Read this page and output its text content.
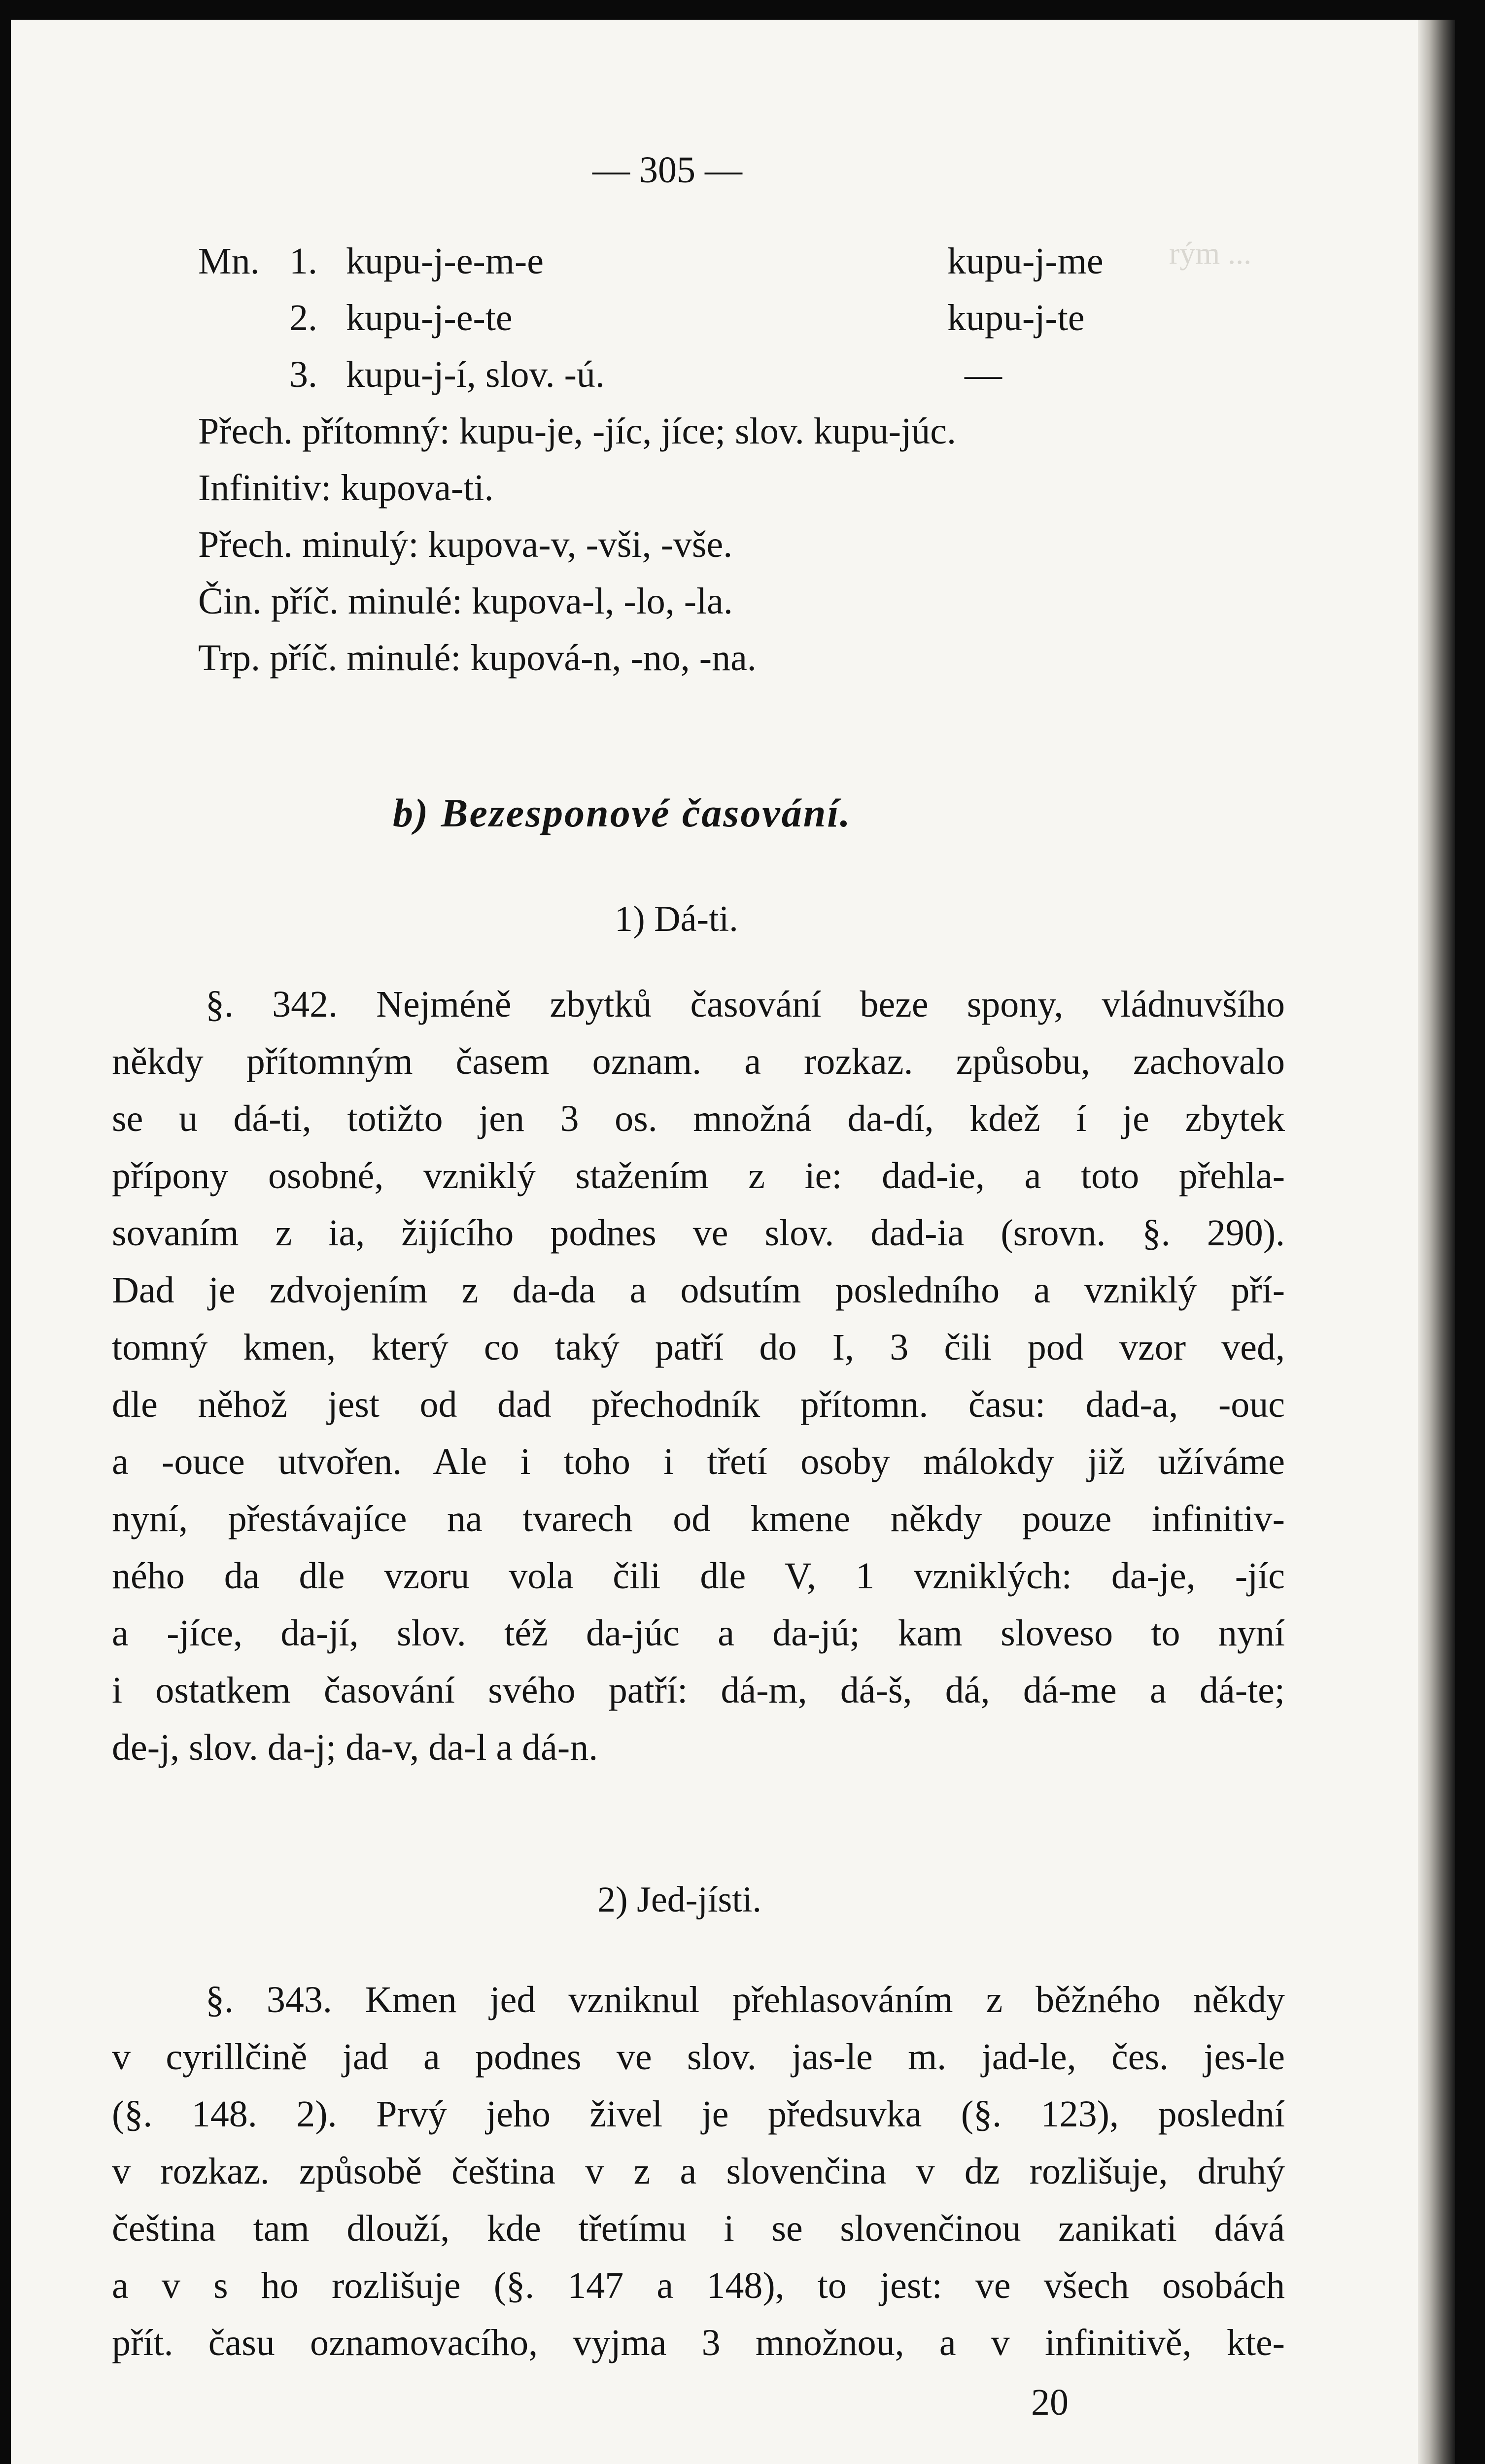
rým ...
— 305 —
Mn. 1. kupu-j-e-m-e	kupu-j-me
2. kupu-j-e-te	kupu-j-te
3. kupu-j-í, slov. -ú.	—
Přech. přítomný: kupu-je, -jíc, jíce; slov. kupu-júc.
Infinitiv: kupova-ti.
Přech. minulý: kupova-v, -vši, -vše.
Čin. příč. minulé: kupova-l, -lo, -la.
Trp. příč. minulé: kupová-n, -no, -na.
b) Bezesponové časování.
1) Dá-ti.
§. 342. Nejméně zbytků časování beze spony, vládnuvšího
někdy přítomným časem oznam. a rozkaz. způsobu, zachovalo
se u dá-ti, totižto jen 3 os. množná da-dí, kdež í je zbytek
přípony osobné, vzniklý stažením z ie: dad-ie, a toto přehla-
sovaním z ia, žijícího podnes ve slov. dad-ia (srovn. §. 290).
Dad je zdvojením z da-da a odsutím posledního a vzniklý pří-
tomný kmen, který co taký patří do I, 3 čili pod vzor ved,
dle něhož jest od dad přechodník přítomn. času: dad-a, -ouc
a -ouce utvořen. Ale i toho i třetí osoby málokdy již užíváme
nyní, přestávajíce na tvarech od kmene někdy pouze infinitiv-
ného da dle vzoru vola čili dle V, 1 vzniklých: da-je, -jíc
a -jíce, da-jí, slov. též da-júc a da-jú; kam sloveso to nyní
i ostatkem časování svého patří: dá-m, dá-š, dá, dá-me a dá-te;
de-j, slov. da-j; da-v, da-l a dá-n.
2) Jed-jísti.
§. 343. Kmen jed vzniknul přehlasováním z běžného někdy
v cyrillčině jad a podnes ve slov. jas-le m. jad-le, čes. jes-le
(§. 148. 2). Prvý jeho živel je předsuvka (§. 123), poslední
v rozkaz. způsobě čeština v z a slovenčina v dz rozlišuje, druhý
čeština tam dlouží, kde třetímu i se slovenčinou zanikati dává
a v s ho rozlišuje (§. 147 a 148), to jest: ve všech osobách
přít. času oznamovacího, vyjma 3 množnou, a v infinitivě, kte-
20
